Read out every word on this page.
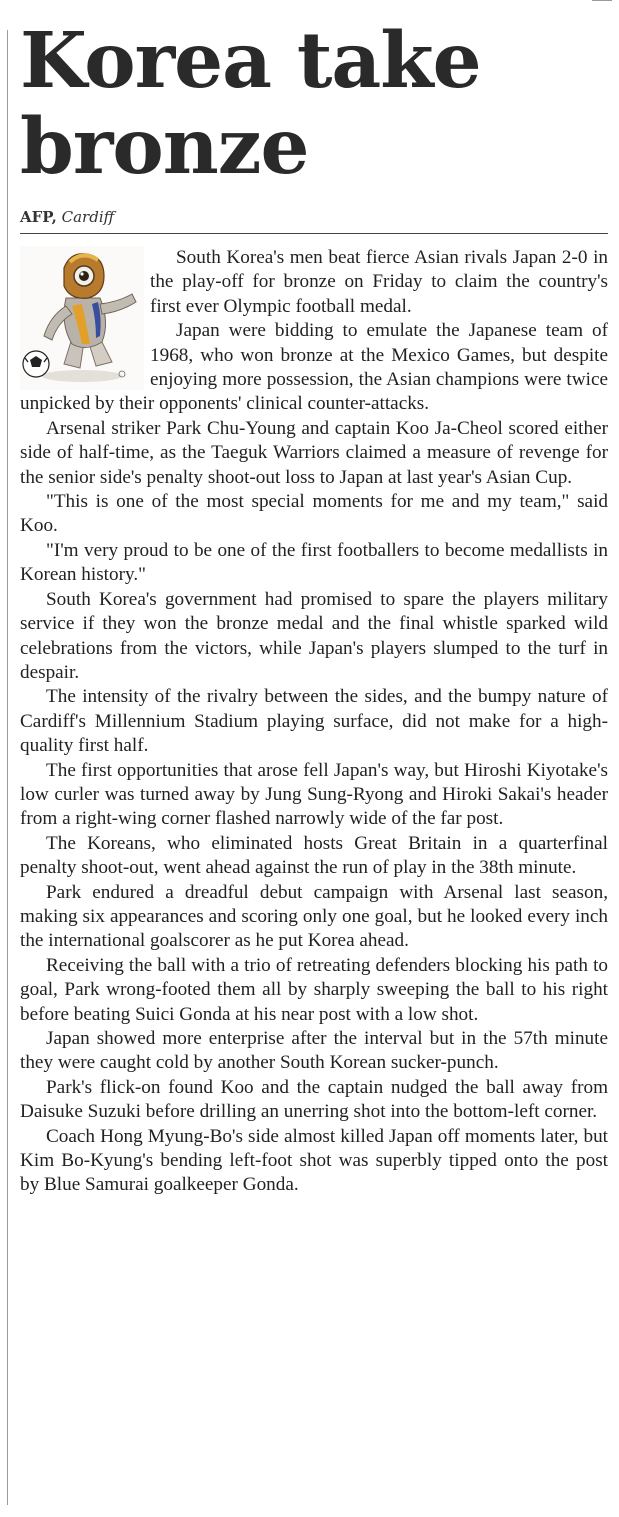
Korea take bronze
AFP, Cardiff

South Korea's men beat fierce Asian rivals Japan 2-0 in the play-off for bronze on Friday to claim the country's first ever Olympic football medal.

Japan were bidding to emulate the Japanese team of 1968, who won bronze at the Mexico Games, but despite enjoying more possession, the Asian champions were twice unpicked by their opponents' clinical counter-attacks.

Arsenal striker Park Chu-Young and captain Koo Ja-Cheol scored either side of half-time, as the Taeguk Warriors claimed a measure of revenge for the senior side's penalty shoot-out loss to Japan at last year's Asian Cup.

"This is one of the most special moments for me and my team," said Koo.

"I'm very proud to be one of the first footballers to become medallists in Korean history."

South Korea's government had promised to spare the players military service if they won the bronze medal and the final whistle sparked wild celebrations from the victors, while Japan's players slumped to the turf in despair.

The intensity of the rivalry between the sides, and the bumpy nature of Cardiff's Millennium Stadium playing surface, did not make for a high-quality first half.

The first opportunities that arose fell Japan's way, but Hiroshi Kiyotake's low curler was turned away by Jung Sung-Ryong and Hiroki Sakai's header from a right-wing corner flashed narrowly wide of the far post.

The Koreans, who eliminated hosts Great Britain in a quarterfinal penalty shoot-out, went ahead against the run of play in the 38th minute.

Park endured a dreadful debut campaign with Arsenal last season, making six appearances and scoring only one goal, but he looked every inch the international goalscorer as he put Korea ahead.

Receiving the ball with a trio of retreating defenders blocking his path to goal, Park wrong-footed them all by sharply sweeping the ball to his right before beating Suici Gonda at his near post with a low shot.

Japan showed more enterprise after the interval but in the 57th minute they were caught cold by another South Korean sucker-punch.

Park's flick-on found Koo and the captain nudged the ball away from Daisuke Suzuki before drilling an unerring shot into the bottom-left corner.

Coach Hong Myung-Bo's side almost killed Japan off moments later, but Kim Bo-Kyung's bending left-foot shot was superbly tipped onto the post by Blue Samurai goalkeeper Gonda.
